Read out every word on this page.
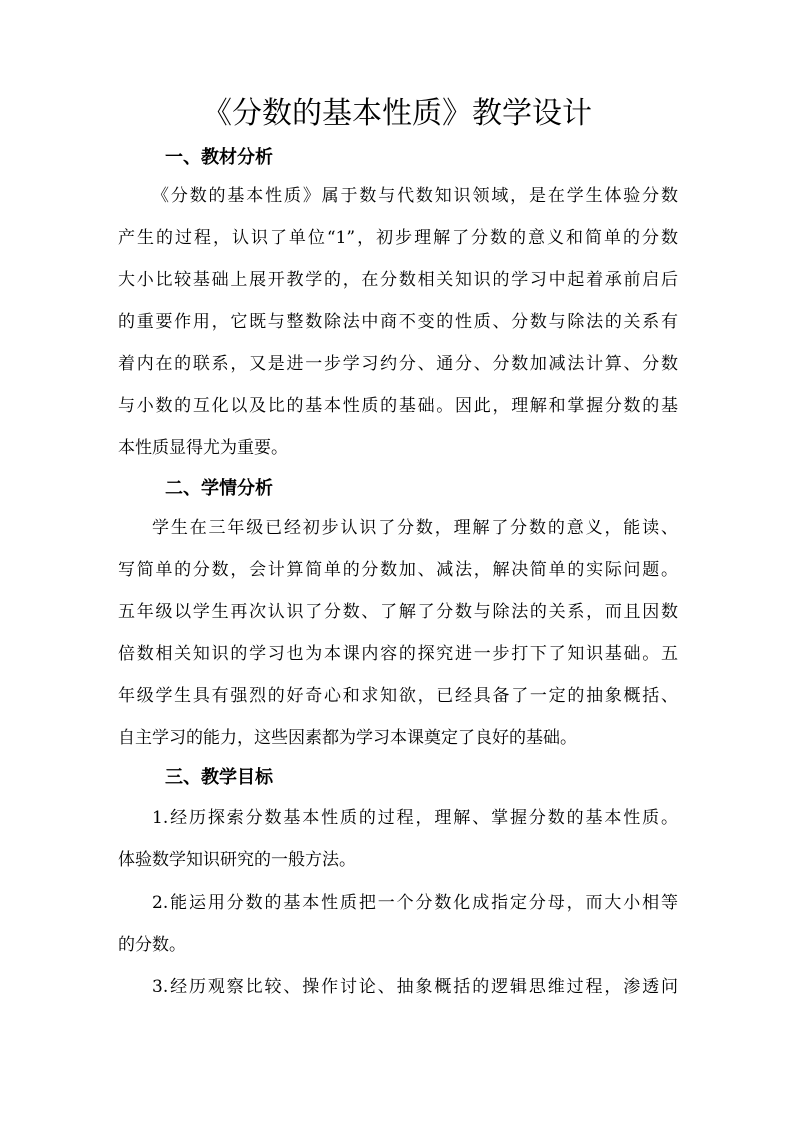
《分数的基本性质》教学设计
一、教材分析
《分数的基本性质》属于数与代数知识领域，是在学生体验分数
产生的过程，认识了单位“1”，初步理解了分数的意义和简单的分数
大小比较基础上展开教学的，在分数相关知识的学习中起着承前启后
的重要作用，它既与整数除法中商不变的性质、分数与除法的关系有
着内在的联系，又是进一步学习约分、通分、分数加减法计算、分数
与小数的互化以及比的基本性质的基础。因此，理解和掌握分数的基
本性质显得尤为重要。
二、学情分析
学生在三年级已经初步认识了分数，理解了分数的意义，能读、
写简单的分数，会计算简单的分数加、减法，解决简单的实际问题。
五年级以学生再次认识了分数、了解了分数与除法的关系，而且因数
倍数相关知识的学习也为本课内容的探究进一步打下了知识基础。五
年级学生具有强烈的好奇心和求知欲，已经具备了一定的抽象概括、
自主学习的能力，这些因素都为学习本课奠定了良好的基础。
三、教学目标
1.经历探索分数基本性质的过程，理解、掌握分数的基本性质。
体验数学知识研究的一般方法。
2.能运用分数的基本性质把一个分数化成指定分母，而大小相等
的分数。
3.经历观察比较、操作讨论、抽象概括的逻辑思维过程，渗透问
